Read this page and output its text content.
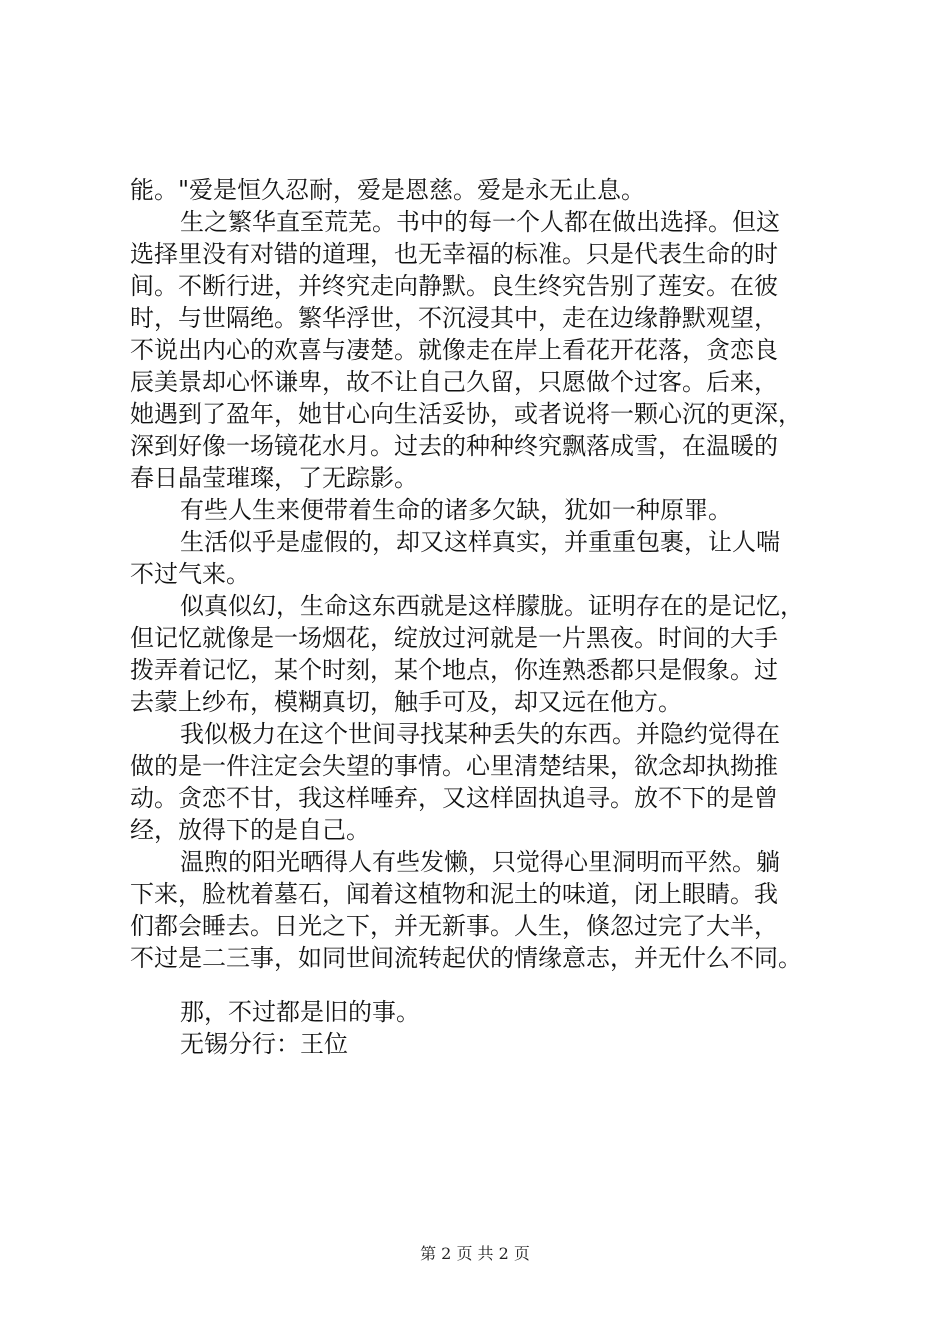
能。"爱是恒久忍耐，爱是恩慈。爱是永无止息。
生之繁华直至荒芜。书中的每一个人都在做出选择。但这
选择里没有对错的道理，也无幸福的标准。只是代表生命的时
间。不断行进，并终究走向静默。良生终究告别了莲安。在彼
时，与世隔绝。繁华浮世，不沉浸其中，走在边缘静默观望，
不说出内心的欢喜与凄楚。就像走在岸上看花开花落，贪恋良
辰美景却心怀谦卑，故不让自己久留，只愿做个过客。后来，
她遇到了盈年，她甘心向生活妥协，或者说将一颗心沉的更深，
深到好像一场镜花水月。过去的种种终究飘落成雪，在温暖的
春日晶莹璀璨，了无踪影。
有些人生来便带着生命的诸多欠缺，犹如一种原罪。
生活似乎是虚假的，却又这样真实，并重重包裹，让人喘
不过气来。
似真似幻，生命这东西就是这样朦胧。证明存在的是记忆，
但记忆就像是一场烟花，绽放过河就是一片黑夜。时间的大手
拨弄着记忆，某个时刻，某个地点，你连熟悉都只是假象。过
去蒙上纱布，模糊真切，触手可及，却又远在他方。
我似极力在这个世间寻找某种丢失的东西。并隐约觉得在
做的是一件注定会失望的事情。心里清楚结果，欲念却执拗推
动。贪恋不甘，我这样唾弃，又这样固执追寻。放不下的是曾
经，放得下的是自己。
温煦的阳光晒得人有些发懒，只觉得心里洞明而平然。躺
下来，脸枕着墓石，闻着这植物和泥土的味道，闭上眼睛。我
们都会睡去。日光之下，并无新事。人生，倏忽过完了大半，
不过是二三事，如同世间流转起伏的情缘意志，并无什么不同。
那，不过都是旧的事。
无锡分行：王位
第 2 页 共 2 页
